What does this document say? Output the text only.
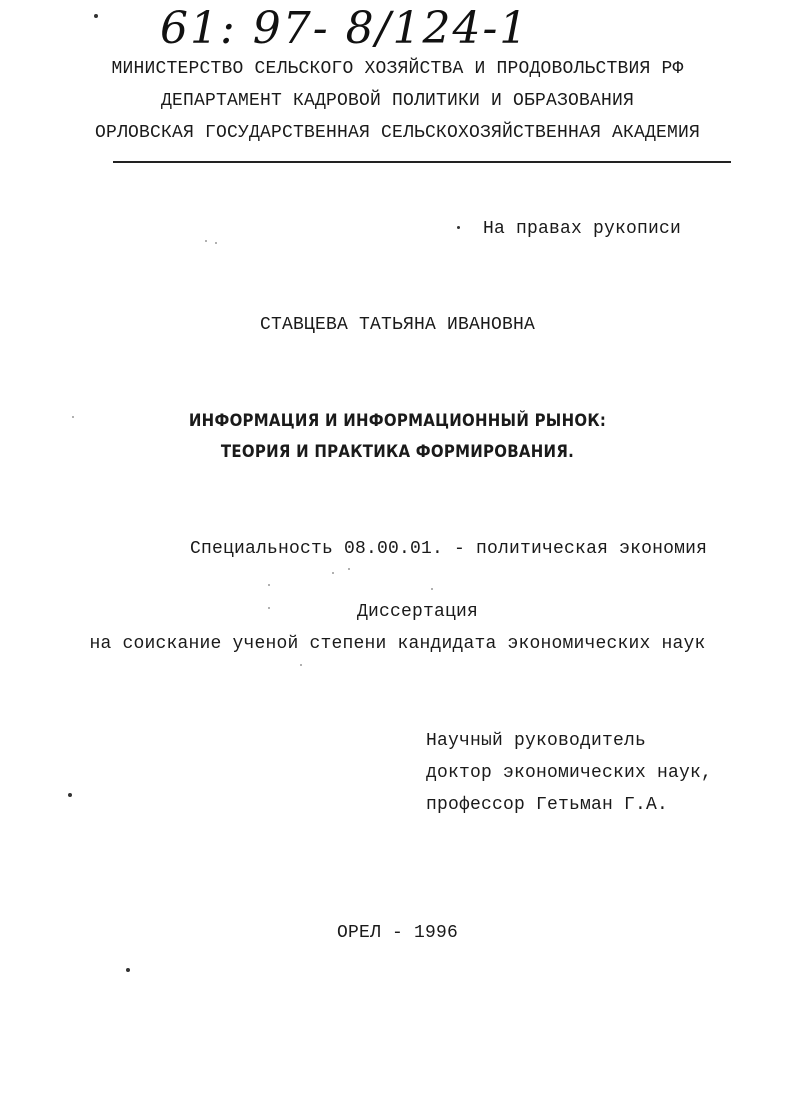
61: 97- 8/124-1
МИНИСТЕРСТВО СЕЛЬСКОГО ХОЗЯЙСТВА И ПРОДОВОЛЬСТВИЯ РФ
ДЕПАРТАМЕНТ КАДРОВОЙ ПОЛИТИКИ И ОБРАЗОВАНИЯ
ОРЛОВСКАЯ ГОСУДАРСТВЕННАЯ СЕЛЬСКОХОЗЯЙСТВЕННАЯ АКАДЕМИЯ
На правах рукописи
СТАВЦЕВА ТАТЬЯНА ИВАНОВНА
ИНФОРМАЦИЯ И ИНФОРМАЦИОННЫЙ РЫНОК:
ТЕОРИЯ И ПРАКТИКА ФОРМИРОВАНИЯ.
Специальность 08.00.01. - политическая экономия
Диссертация
на соискание ученой степени кандидата экономических наук
Научный руководитель
доктор экономических наук,
профессор Гетьман Г.А.
ОРЕЛ - 1996
